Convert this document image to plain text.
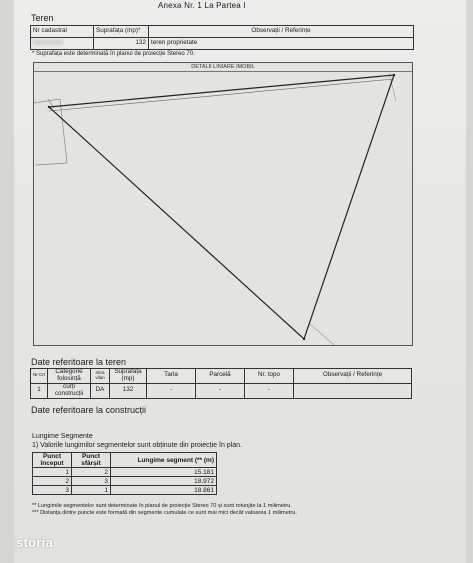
Anexa Nr. 1 La Partea I
Teren
Nr cadastral	Suprafața (mp)*	Observații / Referințe
	132	teren proprietate
* Suprafața este determinată în planul de proiecție Stereo 70.
DETALII LINIARE IMOBIL
Date referitoare la teren
Nr Crt	Categorie folosință	Intra vilan	Suprafața (mp)	Tarla	Parcelă	Nr. topo	Observații / Referințe
1	curți construcții	DA	132	-	-	-	
Date referitoare la construcții
Lungime Segmente
1) Valorile lungimilor segmentelor sunt obținute din proiecție în plan.
Punct început	Punct sfârșit	Lungime segment (** (m)
1	2	15.181
2	3	18.972
3	1	18.861
** Lungimile segmentelor sunt determinate în planul de proiecție Stereo 70 și sunt rotunjite la 1 milimetru.
*** Distanța dintre puncte este formată din segmente cumulate ce sunt mai mici decât valoarea 1 milimetru.
storia
